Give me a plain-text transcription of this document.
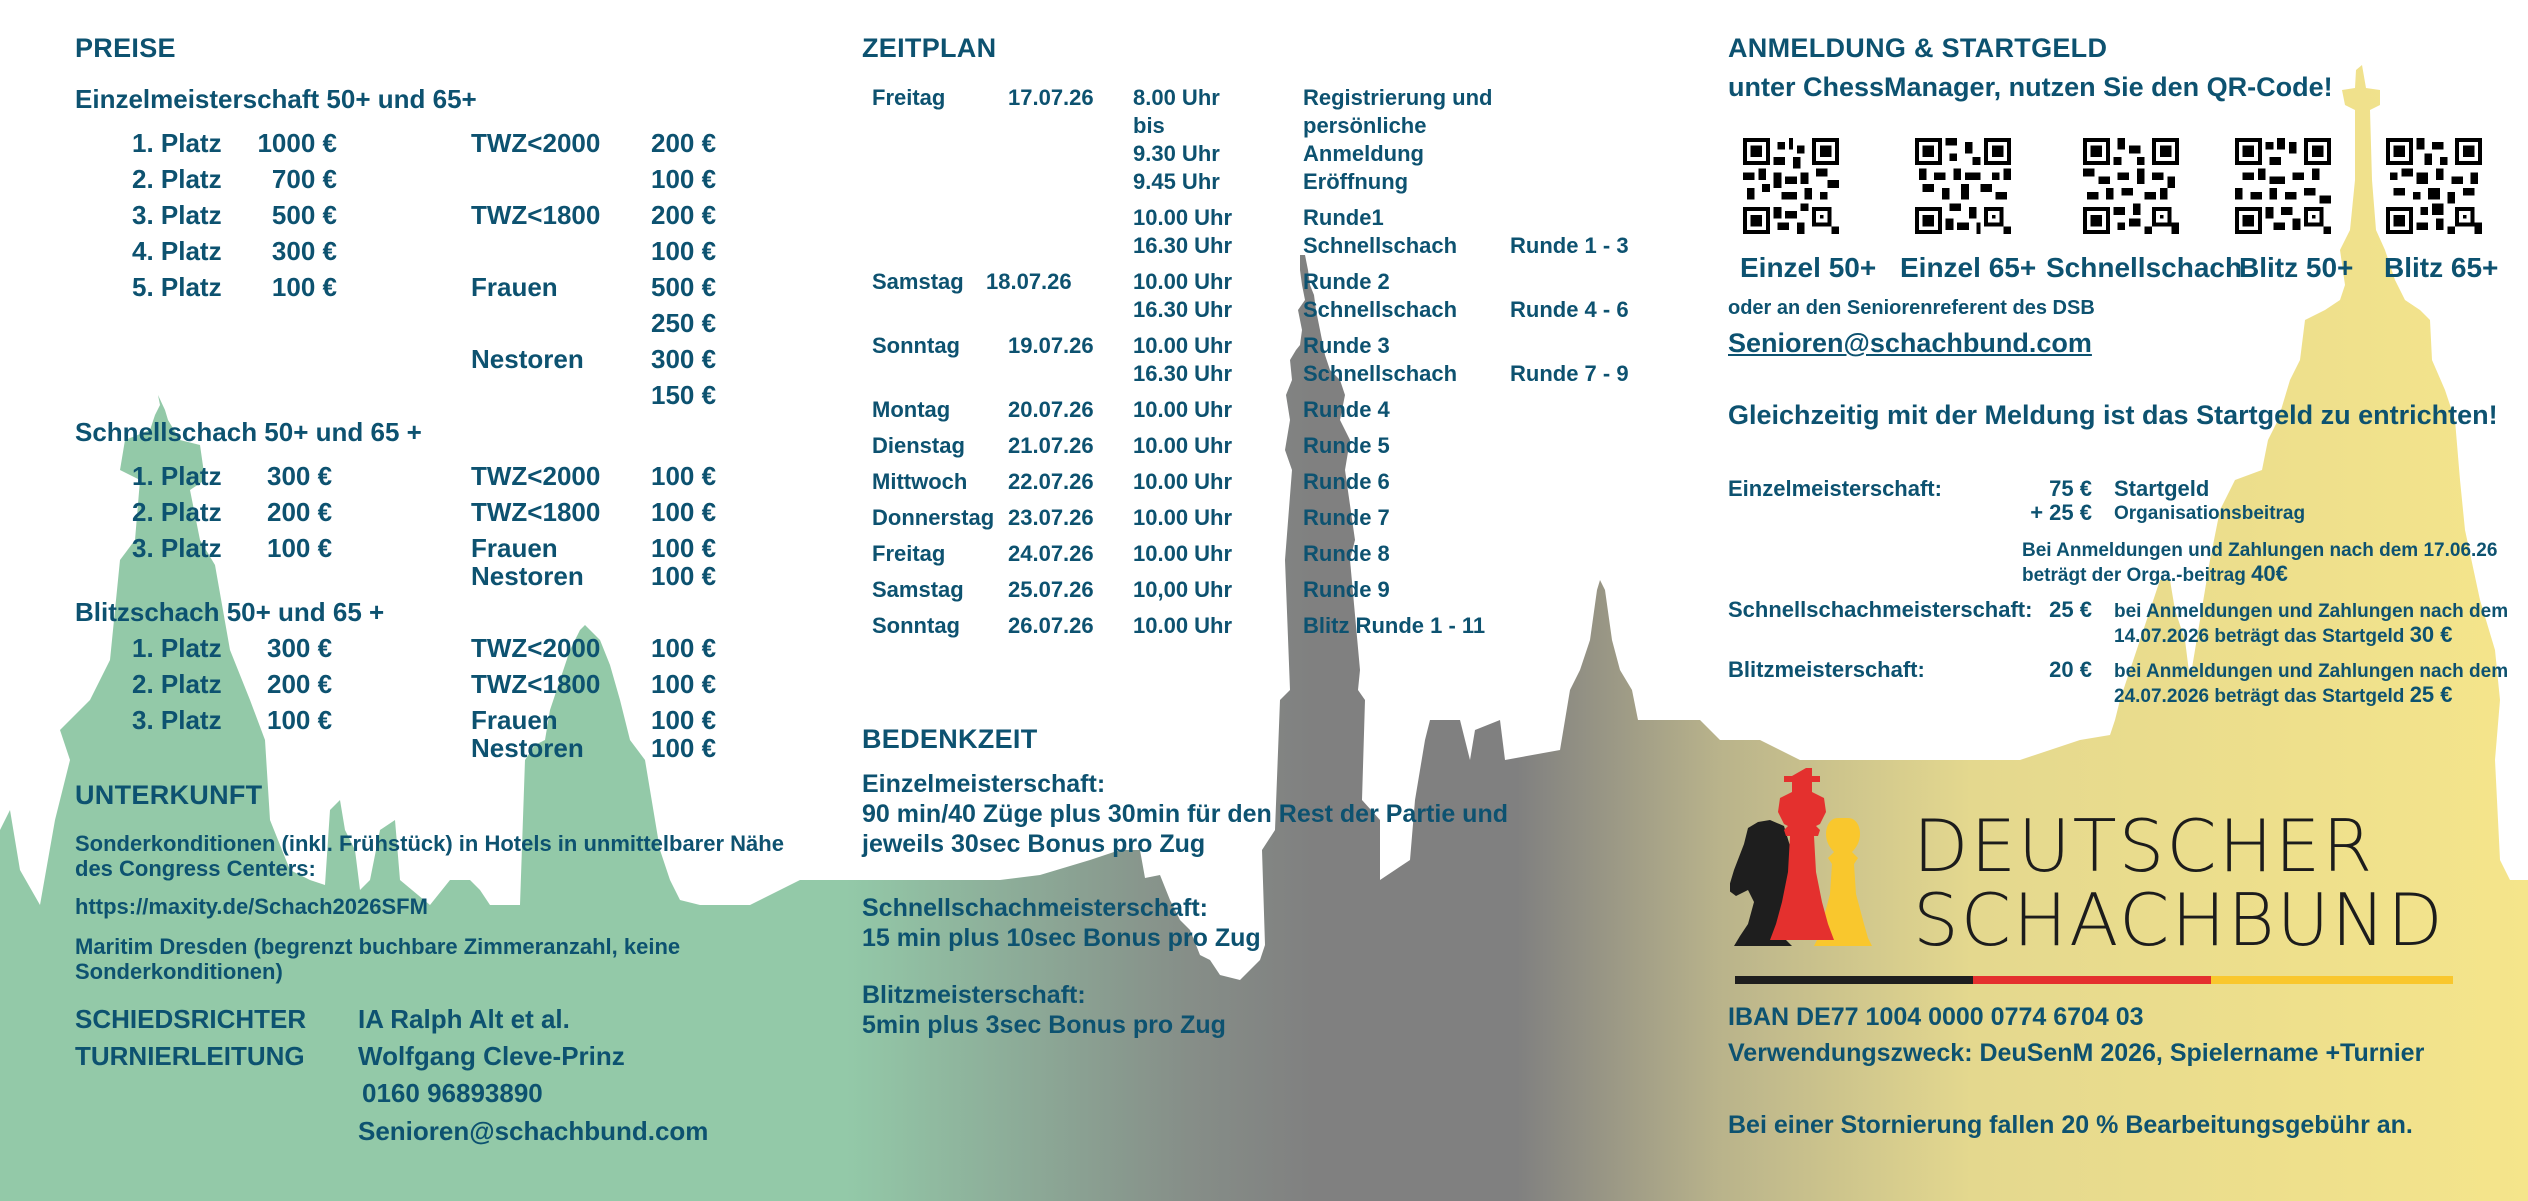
PREISE
Einzelmeisterschaft 50+ und 65+
1. Platz	1000 €
2. Platz	700 €
3. Platz	500 €
4. Platz	300 €
5. Platz	100 €
TWZ<2000 200 €
100 €
TWZ<1800 200 €
100 €
Frauen	500 €
250 €
Nestoren	300 €
150 €
Schnellschach 50+ und 65 +
1. Platz 300 €
2. Platz 200 €
3. Platz 100 €
TWZ<2000 100 €
TWZ<1800 100 €
Frauen	100 €
Nestoren	100 €
Blitzschach 50+ und 65 +
1. Platz 300 €
2. Platz 200 €
3. Platz 100 €
TWZ<2000 100 €
TWZ<1800 100 €
Frauen	100 €
Nestoren	100 €
UNTERKUNFT
Sonderkonditionen (inkl. Frühstück) in Hotels in unmittelbarer Nähe
des Congress Centers:
https://maxity.de/Schach2026SFM
Maritim Dresden (begrenzt buchbare Zimmeranzahl, keine
Sonderkonditionen)
SCHIEDSRICHTER IA Ralph Alt et al.
TURNIERLEITUNG Wolfgang Cleve-Prinz
0160 96893890
Senioren@schachbund.com
ZEITPLAN
Freitag	17.07.26 8.00 Uhr	Registrierung und
bis	persönliche
9.30 Uhr	Anmeldung
9.45 Uhr	Eröffnung
10.00 Uhr	Runde1
16.30 Uhr	Schnellschach Runde 1 - 3
Samstag 18.07.26	10.00 Uhr	Runde 2
16.30 Uhr	Schnellschach Runde 4 - 6
Sonntag 19.07.26 10.00 Uhr	Runde 3
16.30 Uhr	Schnellschach Runde 7 - 9
Montag	20.07.26 10.00 Uhr	Runde 4
Dienstag 21.07.26 10.00 Uhr	Runde 5
Mittwoch 22.07.26 10.00 Uhr	Runde 6
Donnerstag 23.07.26 10.00 Uhr	Runde 7
Freitag	24.07.26 10.00 Uhr	Runde 8
Samstag 25.07.26 10,00 Uhr	Runde 9
Sonntag 26.07.26 10.00 Uhr	Blitz Runde 1 - 11
BEDENKZEIT
Einzelmeisterschaft:
90 min/40 Züge plus 30min für den Rest der Partie und
jeweils 30sec Bonus pro Zug
Schnellschachmeisterschaft:
15 min plus 10sec Bonus pro Zug
Blitzmeisterschaft:
5min plus 3sec Bonus pro Zug
ANMELDUNG & STARTGELD
unter ChessManager, nutzen Sie den QR-Code!
Einzel 50+ Einzel 65+ Schnellschach
Blitz 50+ Blitz 65+
oder an den Seniorenreferent des DSB
Senioren@schachbund.com
Gleichzeitig mit der Meldung ist das Startgeld zu entrichten!
Einzelmeisterschaft:	75 € Startgeld
+ 25 € Organisationsbeitrag
Bei Anmeldungen und Zahlungen nach dem 17.06.26
beträgt der Orga.-beitrag 40€
Schnellschachmeisterschaft: 25 € bei Anmeldungen und Zahlungen nach dem
14.07.2026 beträgt das Startgeld 30 €
Blitzmeisterschaft:	20 € bei Anmeldungen und Zahlungen nach dem
24.07.2026 beträgt das Startgeld 25 €
DEUTSCHER
SCHACHBUND
IBAN DE77 1004 0000 0774 6704 03
Verwendungszweck: DeuSenM 2026, Spielername +Turnier
Bei einer Stornierung fallen 20 % Bearbeitungsgebühr an.
